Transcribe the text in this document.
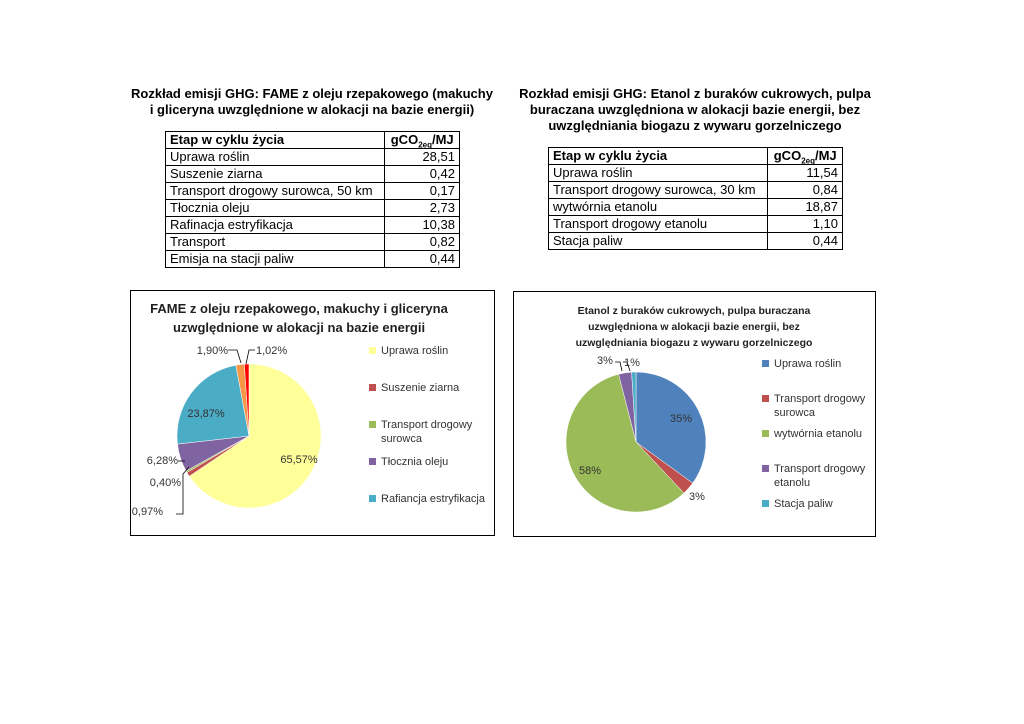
Rozkład emisji GHG: FAME z oleju rzepakowego (makuchy
i gliceryna uwzględnione w alokacji na bazie energii)
Etap w cyklu życia	gCO$_{2eq}$/MJ
Uprawa roślin	28,51
Suszenie ziarna	0,42
Transport drogowy surowca, 50 km	0,17
Tłocznia oleju	2,73
Rafinacja estryfikacja	10,38
Transport	0,82
Emisja na stacji paliw	0,44
Rozkład emisji GHG: Etanol z buraków cukrowych, pulpa
buraczana uwzględniona w alokacji bazie energii, bez
uwzględniania biogazu z wywaru gorzelniczego
Etap w cyklu życia	gCO$_{2eq}$/MJ
Uprawa roślin	11,54
Transport drogowy surowca, 30 km	0,84
wytwórnia etanolu	18,87
Transport drogowy etanolu	1,10
Stacja paliw	0,44
FAME z oleju rzepakowego, makuchy i gliceryna
uzwględnione w alokacji na bazie energii
65,57%
0,97%
0,40%
6,28%
23,87%
1,90%	1,02%	Uprawa roślin
Suszenie ziarna
Transport drogowy
surowca
Tłocznia oleju
Rafiancja estryfikacja
Etanol z buraków cukrowych, pulpa buraczana
uzwględniona w alokacji bazie energii, bez
uzwględniania biogazu z wywaru gorzelniczego
35%
3%
58%
3% 1%	Uprawa roślin
Transport drogowy
surowca
wytwórnia etanolu
Transport drogowy
etanolu
Stacja paliw
